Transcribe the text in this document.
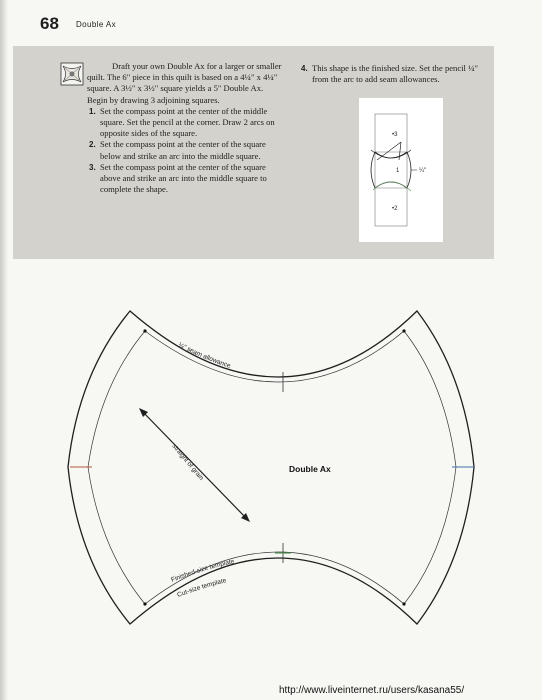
68 Double Ax

Draft your own Double Ax for a larger or smaller quilt. The 6" piece in this quilt is based on a 4¼" x 4¼" square. A 3½" x 3½" square yields a 5" Double Ax. Begin by drawing 3 adjoining squares.

1. Set the compass point at the center of the middle square. Set the pencil at the corner. Draw 2 arcs on opposite sides of the square.
2. Set the compass point at the center of the square below and strike an arc into the middle square.
3. Set the compass point at the center of the square above and strike an arc into the middle square to complete the shape.
4. This shape is the finished size. Set the pencil ¼" from the arc to add seam allowances.
•3
1
•2
¼"
¼" seam allowance
straight of grain
Double Ax
Finished-size template
Cut-size template
http://www.liveinternet.ru/users/kasana55/
